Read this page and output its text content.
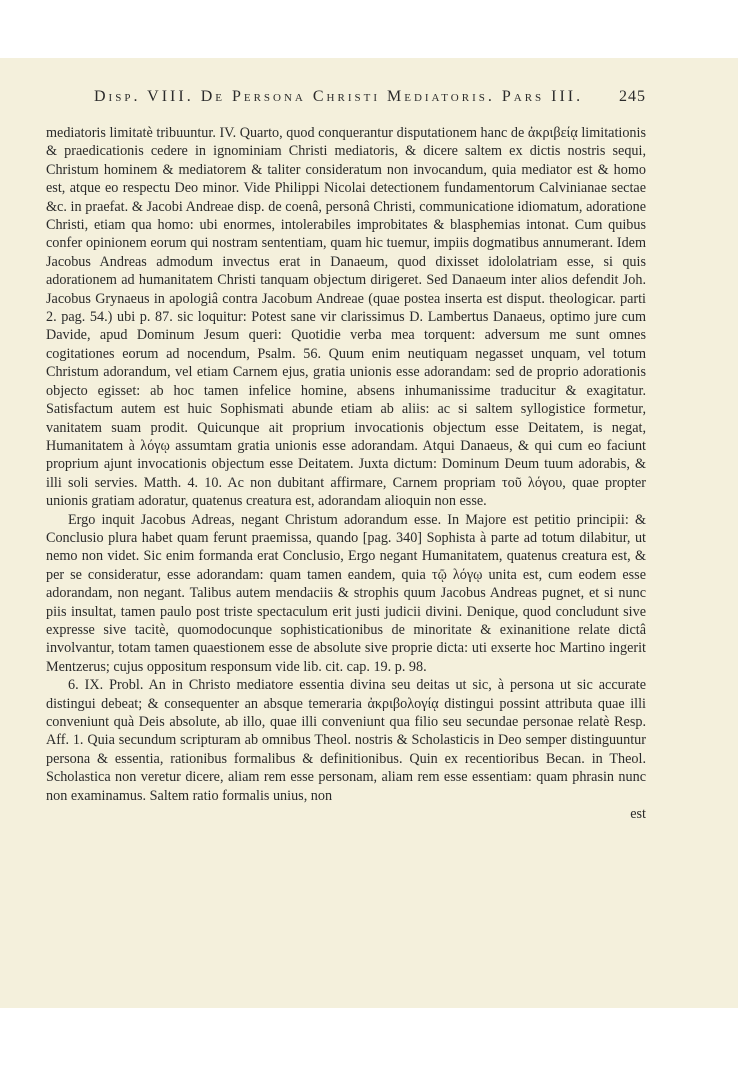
Disp. VIII. De Persona Christi Mediatoris. Pars III. 245

mediatoris limitatè tribuuntur. IV. Quarto, quod conquerantur disputationem hanc de ἀκριβείᾳ limitationis & praedicationis cedere in ignominiam Christi mediatoris, & dicere saltem ex dictis nostris sequi, Christum hominem & mediatorem & taliter consideratum non invocandum, quia mediator est & homo est, atque eo respectu Deo minor. Vide Philippi Nicolai detectionem fundamentorum Calvinianae sectae &c. in praefat. & Jacobi Andreae disp. de coenâ, personâ Christi, communicatione idiomatum, adoratione Christi, etiam qua homo: ubi enormes, intolerabiles improbitates & blasphemias intonat. Cum quibus confer opinionem eorum qui nostram sententiam, quam hic tuemur, impiis dogmatibus annumerant. Idem Jacobus Andreas admodum invectus erat in Danaeum, quod dixisset idololatriam esse, si quis adorationem ad humanitatem Christi tanquam objectum dirigeret. Sed Danaeum inter alios defendit Joh. Jacobus Grynaeus in apologiâ contra Jacobum Andreae (quae postea inserta est disput. theologicar. parti 2. pag. 54.) ubi p. 87. sic loquitur: Potest sane vir clarissimus D. Lambertus Danaeus, optimo jure cum Davide, apud Dominum Jesum queri: Quotidie verba mea torquent: adversum me sunt omnes cogitationes eorum ad nocendum, Psalm. 56. Quum enim neutiquam negasset unquam, vel totum Christum adorandum, vel etiam Carnem ejus, gratia unionis esse adorandam: sed de proprio adorationis objecto egisset: ab hoc tamen infelice homine, absens inhumanissime traducitur & exagitatur. Satisfactum autem est huic Sophismati abunde etiam ab aliis: ac si saltem syllogistice formetur, vanitatem suam prodit. Quicunque ait proprium invocationis objectum esse Deitatem, is negat, Humanitatem à λόγῳ assumtam gratia unionis esse adorandam. Atqui Danaeus, & qui cum eo faciunt proprium ajunt invocationis objectum esse Deitatem. Juxta dictum: Dominum Deum tuum adorabis, & illi soli servies. Matth. 4. 10. Ac non dubitant affirmare, Carnem propriam τοῦ λόγου, quae propter unionis gratiam adoratur, quatenus creatura est, adorandam alioquin non esse.

Ergo inquit Jacobus Adreas, negant Christum adorandum esse. In Majore est petitio principii: & Conclusio plura habet quam ferunt praemissa, quando [pag. 340] Sophista à parte ad totum dilabitur, ut nemo non videt. Sic enim formanda erat Conclusio, Ergo negant Humanitatem, quatenus creatura est, & per se consideratur, esse adorandam: quam tamen eandem, quia τῷ λόγῳ unita est, cum eodem esse adorandam, non negant. Talibus autem mendaciis & strophis quum Jacobus Andreas pugnet, et si nunc piis insultat, tamen paulo post triste spectaculum erit justi judicii divini. Denique, quod concludunt sive expresse sive tacitè, quomodocunque sophisticationibus de minoritate & exinanitione relate dictâ involvantur, totam tamen quaestionem esse de absolute sive proprie dicta: uti exserte hoc Martino ingerit Mentzerus; cujus oppositum responsum vide lib. cit. cap. 19. p. 98.

6. IX. Probl. An in Christo mediatore essentia divina seu deitas ut sic, à persona ut sic accurate distingui debeat; & consequenter an absque temeraria ἀκριβολογίᾳ distingui possint attributa quae illi conveniunt quà Deis absolute, ab illo, quae illi conveniunt qua filio seu secundae personae relatè Resp. Aff. 1. Quia secundum scripturam ab omnibus Theol. nostris & Scholasticis in Deo semper distinguuntur persona & essentia, rationibus formalibus & definitionibus. Quin ex recentioribus Becan. in Theol. Scholastica non veretur dicere, aliam rem esse personam, aliam rem esse essentiam: quam phrasin nunc non examinamus. Saltem ratio formalis unius, non

est
